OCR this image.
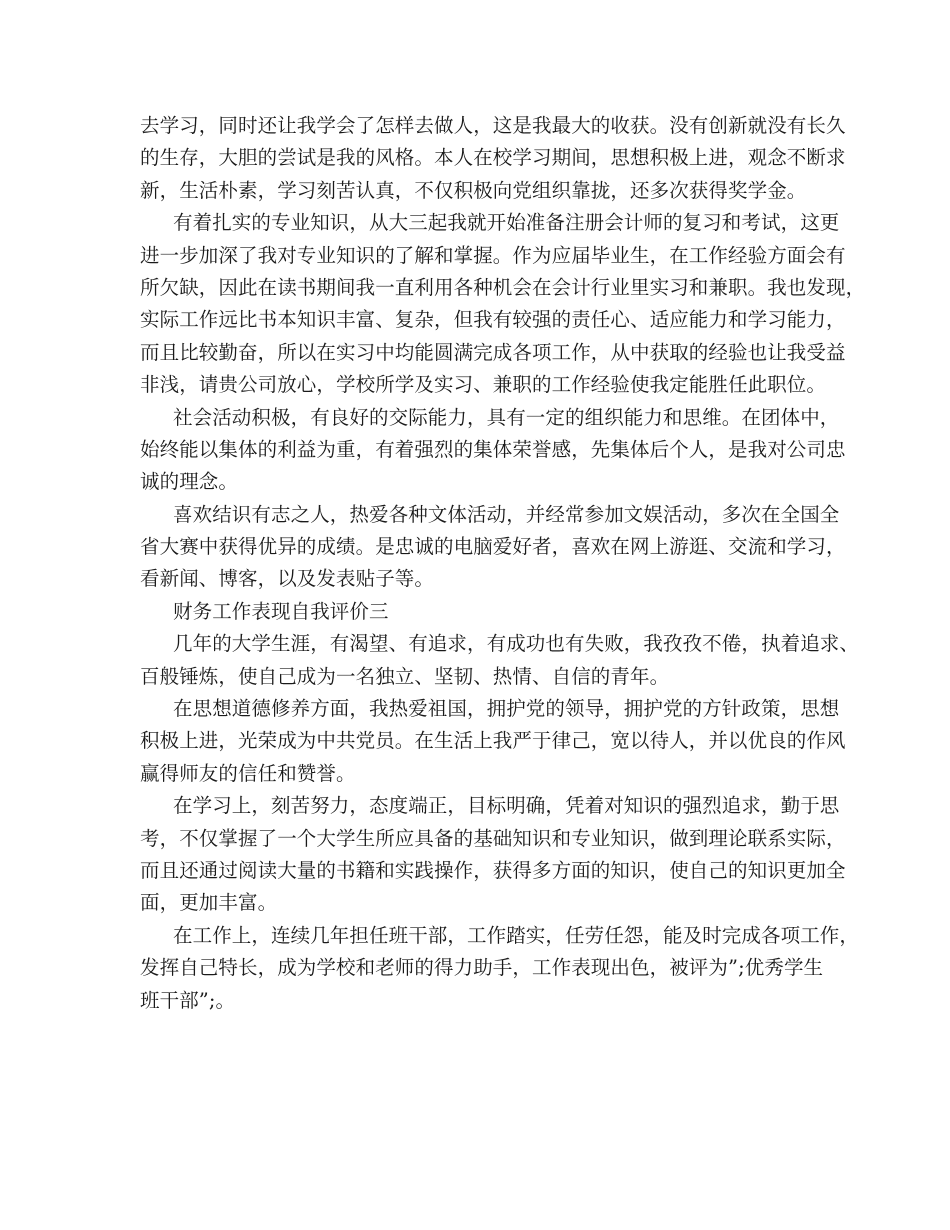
去学习，同时还让我学会了怎样去做人，这是我最大的收获。没有创新就没有长久
的生存，大胆的尝试是我的风格。本人在校学习期间，思想积极上进，观念不断求
新，生活朴素，学习刻苦认真，不仅积极向党组织靠拢，还多次获得奖学金。
有着扎实的专业知识，从大三起我就开始准备注册会计师的复习和考试，这更
进一步加深了我对专业知识的了解和掌握。作为应届毕业生，在工作经验方面会有
所欠缺，因此在读书期间我一直利用各种机会在会计行业里实习和兼职。我也发现，
实际工作远比书本知识丰富、复杂，但我有较强的责任心、适应能力和学习能力，
而且比较勤奋，所以在实习中均能圆满完成各项工作，从中获取的经验也让我受益
非浅，请贵公司放心，学校所学及实习、兼职的工作经验使我定能胜任此职位。
社会活动积极，有良好的交际能力，具有一定的组织能力和思维。在团体中，
始终能以集体的利益为重，有着强烈的集体荣誉感，先集体后个人，是我对公司忠
诚的理念。
喜欢结识有志之人，热爱各种文体活动，并经常参加文娱活动，多次在全国全
省大赛中获得优异的成绩。是忠诚的电脑爱好者，喜欢在网上游逛、交流和学习，
看新闻、博客，以及发表贴子等。
财务工作表现自我评价三
几年的大学生涯，有渴望、有追求，有成功也有失败，我孜孜不倦，执着追求、
百般锤炼，使自己成为一名独立、坚韧、热情、自信的青年。
在思想道德修养方面，我热爱祖国，拥护党的领导，拥护党的方针政策，思想
积极上进，光荣成为中共党员。在生活上我严于律己，宽以待人，并以优良的作风
赢得师友的信任和赞誉。
在学习上，刻苦努力，态度端正，目标明确，凭着对知识的强烈追求，勤于思
考，不仅掌握了一个大学生所应具备的基础知识和专业知识，做到理论联系实际，
而且还通过阅读大量的书籍和实践操作，获得多方面的知识，使自己的知识更加全
面，更加丰富。
在工作上，连续几年担任班干部，工作踏实，任劳任怨，能及时完成各项工作，
发挥自己特长，成为学校和老师的得力助手，工作表现出色，被评为”;优秀学生
班干部”;。
